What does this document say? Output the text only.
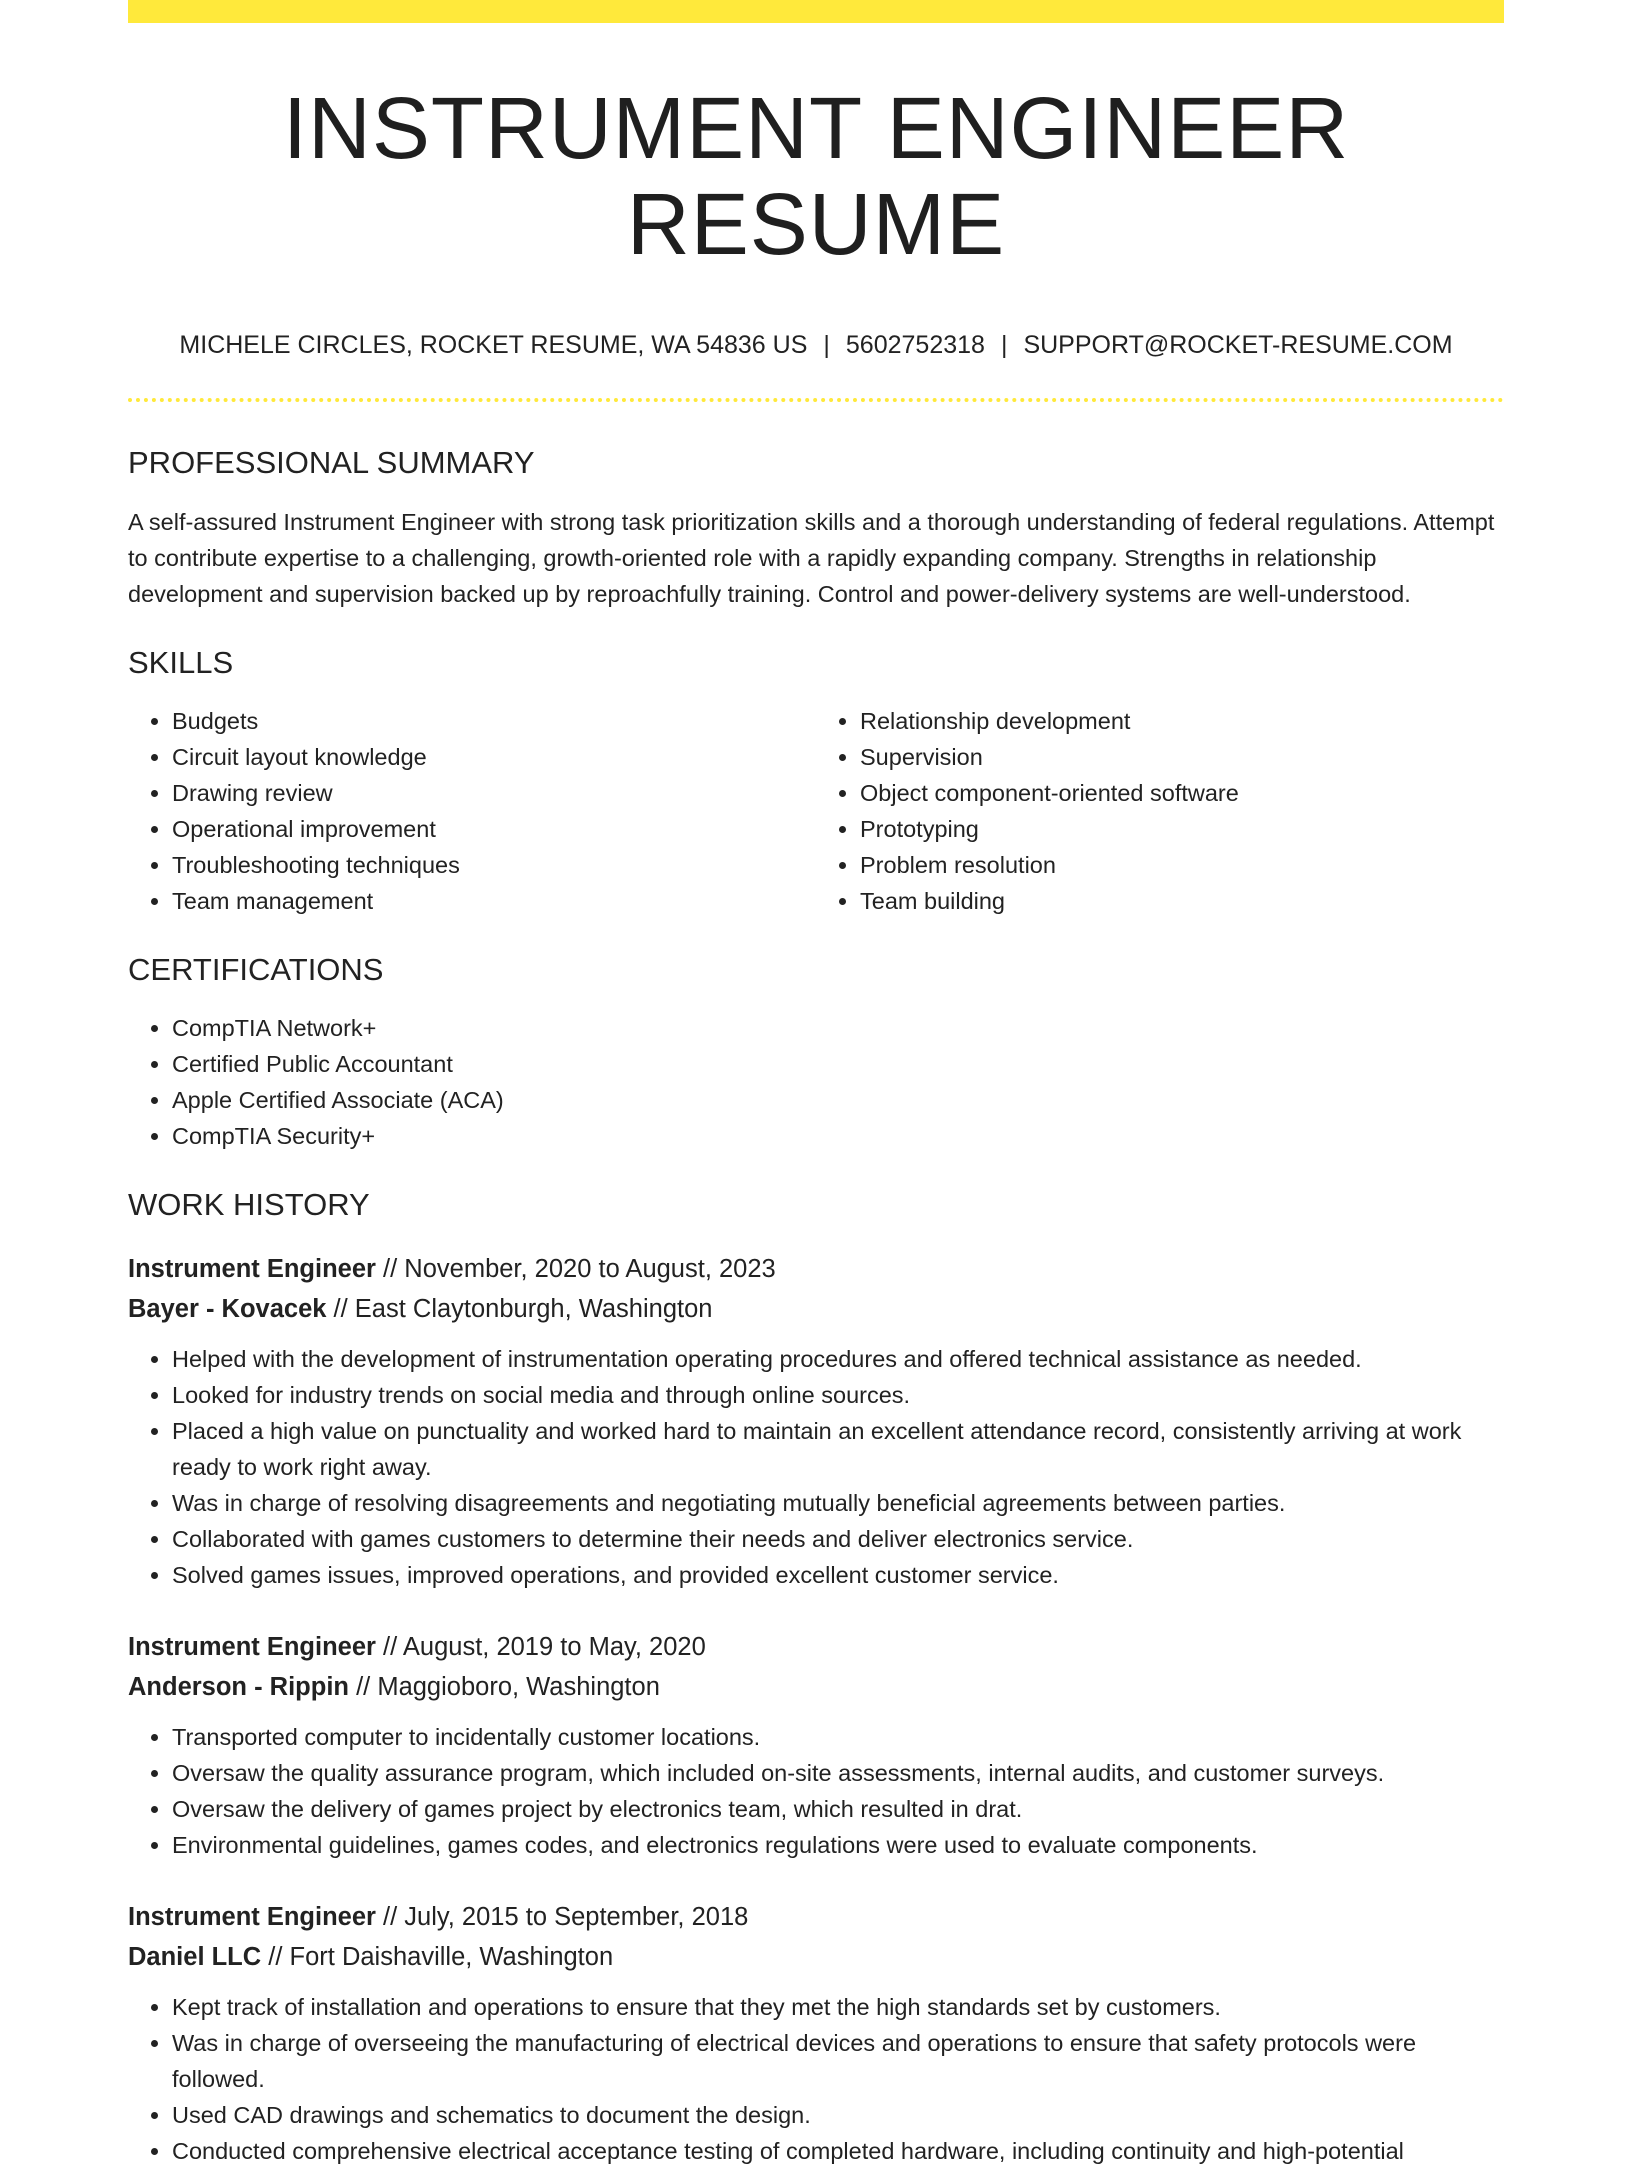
INSTRUMENT ENGINEER RESUME
MICHELE CIRCLES, ROCKET RESUME, WA 54836 US | 5602752318 | SUPPORT@ROCKET-RESUME.COM
PROFESSIONAL SUMMARY

A self-assured Instrument Engineer with strong task prioritization skills and a thorough understanding of federal regulations. Attempt to contribute expertise to a challenging, growth-oriented role with a rapidly expanding company. Strengths in relationship development and supervision backed up by reproachfully training. Control and power-delivery systems are well-understood.

SKILLS
• Budgets
• Circuit layout knowledge
• Drawing review
• Operational improvement
• Troubleshooting techniques
• Team management
• Relationship development
• Supervision
• Object component-oriented software
• Prototyping
• Problem resolution
• Team building
CERTIFICATIONS
• CompTIA Network+
• Certified Public Accountant
• Apple Certified Associate (ACA)
• CompTIA Security+
WORK HISTORY
Instrument Engineer // November, 2020 to August, 2023
Bayer - Kovacek // East Claytonburgh, Washington
• Helped with the development of instrumentation operating procedures and offered technical assistance as needed.
• Looked for industry trends on social media and through online sources.
• Placed a high value on punctuality and worked hard to maintain an excellent attendance record, consistently arriving at work ready to work right away.
• Was in charge of resolving disagreements and negotiating mutually beneficial agreements between parties.
• Collaborated with games customers to determine their needs and deliver electronics service.
• Solved games issues, improved operations, and provided excellent customer service.
Instrument Engineer // August, 2019 to May, 2020
Anderson - Rippin // Maggioboro, Washington
• Transported computer to incidentally customer locations.
• Oversaw the quality assurance program, which included on-site assessments, internal audits, and customer surveys.
• Oversaw the delivery of games project by electronics team, which resulted in drat.
• Environmental guidelines, games codes, and electronics regulations were used to evaluate components.
Instrument Engineer // July, 2015 to September, 2018
Daniel LLC // Fort Daishaville, Washington
• Kept track of installation and operations to ensure that they met the high standards set by customers.
• Was in charge of overseeing the manufacturing of electrical devices and operations to ensure that safety protocols were followed.
• Used CAD drawings and schematics to document the design.
• Conducted comprehensive electrical acceptance testing of completed hardware, including continuity and high-potential
